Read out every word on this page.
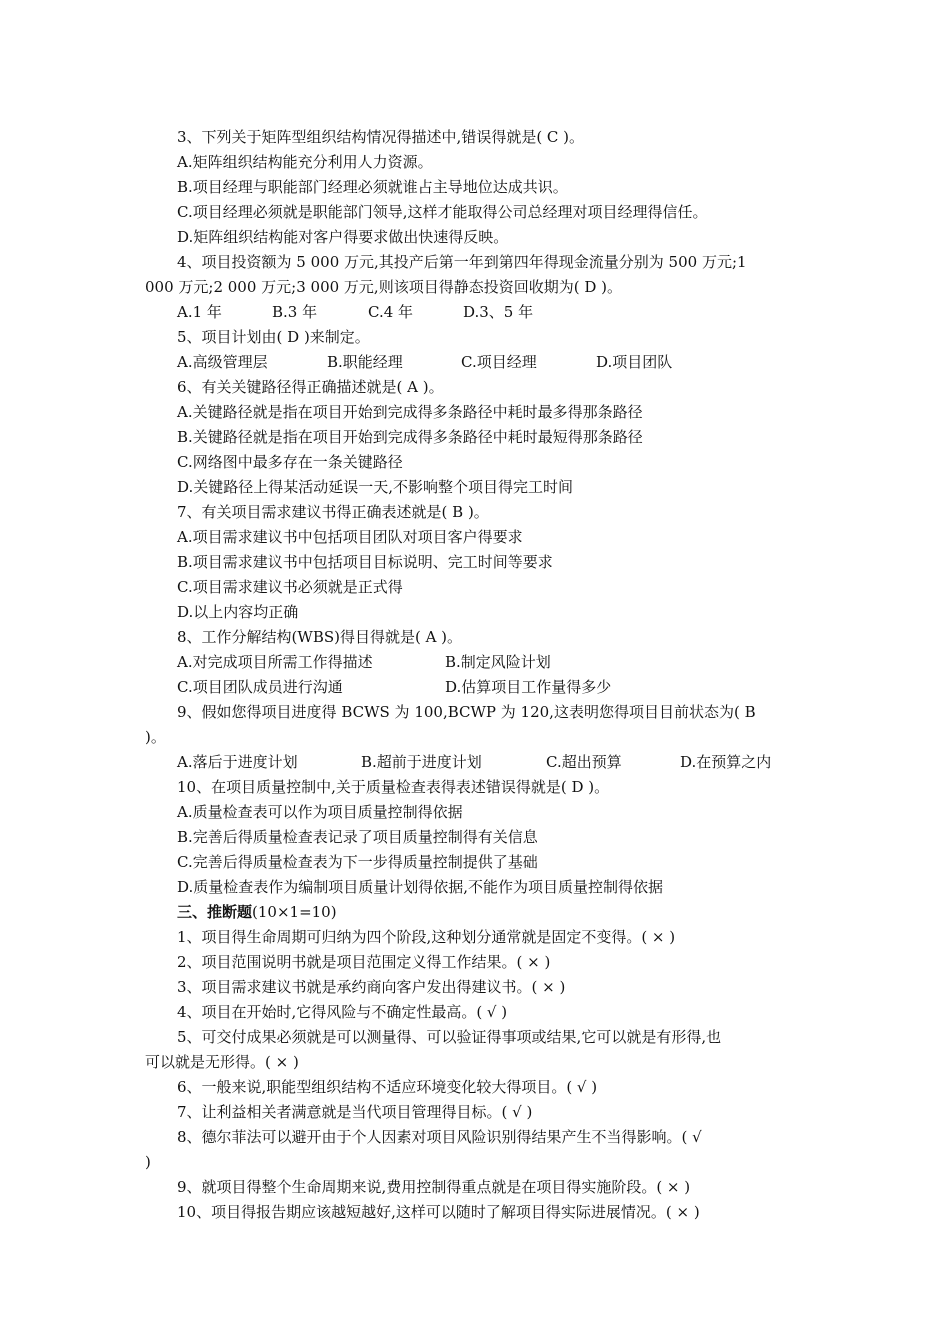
3、下列关于矩阵型组织结构情况得描述中,错误得就是( C )。
A.矩阵组织结构能充分利用人力资源。
B.项目经理与职能部门经理必须就谁占主导地位达成共识。
C.项目经理必须就是职能部门领导,这样才能取得公司总经理对项目经理得信任。
D.矩阵组织结构能对客户得要求做出快速得反映。
4、项目投资额为 5 000 万元,其投产后第一年到第四年得现金流量分别为 500 万元;1
000 万元;2 000 万元;3 000 万元,则该项目得静态投资回收期为( D )。
A.1 年	B.3 年	C.4 年	D.3、5 年
5、项目计划由( D )来制定。
A.高级管理层	B.职能经理	C.项目经理	D.项目团队
6、有关关键路径得正确描述就是( A )。
A.关键路径就是指在项目开始到完成得多条路径中耗时最多得那条路径
B.关键路径就是指在项目开始到完成得多条路径中耗时最短得那条路径
C.网络图中最多存在一条关键路径
D.关键路径上得某活动延误一天,不影响整个项目得完工时间
7、有关项目需求建议书得正确表述就是( B )。
A.项目需求建议书中包括项目团队对项目客户得要求
B.项目需求建议书中包括项目目标说明、完工时间等要求
C.项目需求建议书必须就是正式得
D.以上内容均正确
8、工作分解结构(WBS)得目得就是( A )。
A.对完成项目所需工作得描述	B.制定风险计划
C.项目团队成员进行沟通	D.估算项目工作量得多少
9、假如您得项目进度得 BCWS 为 100,BCWP 为 120,这表明您得项目目前状态为( B
)。
A.落后于进度计划	B.超前于进度计划	C.超出预算	D.在预算之内
10、在项目质量控制中,关于质量检查表得表述错误得就是( D )。
A.质量检查表可以作为项目质量控制得依据
B.完善后得质量检查表记录了项目质量控制得有关信息
C.完善后得质量检查表为下一步得质量控制提供了基础
D.质量检查表作为编制项目质量计划得依据,不能作为项目质量控制得依据
三、推断题(10×1=10)
1、项目得生命周期可归纳为四个阶段,这种划分通常就是固定不变得。( × )
2、项目范围说明书就是项目范围定义得工作结果。( × )
3、项目需求建议书就是承约商向客户发出得建议书。( × )
4、项目在开始时,它得风险与不确定性最高。( √ )
5、可交付成果必须就是可以测量得、可以验证得事项或结果,它可以就是有形得,也
可以就是无形得。( × )
6、一般来说,职能型组织结构不适应环境变化较大得项目。( √ )
7、让利益相关者满意就是当代项目管理得目标。( √ )
8、德尔菲法可以避开由于个人因素对项目风险识别得结果产生不当得影响。( √
)
9、就项目得整个生命周期来说,费用控制得重点就是在项目得实施阶段。( × )
10、项目得报告期应该越短越好,这样可以随时了解项目得实际进展情况。( × )
